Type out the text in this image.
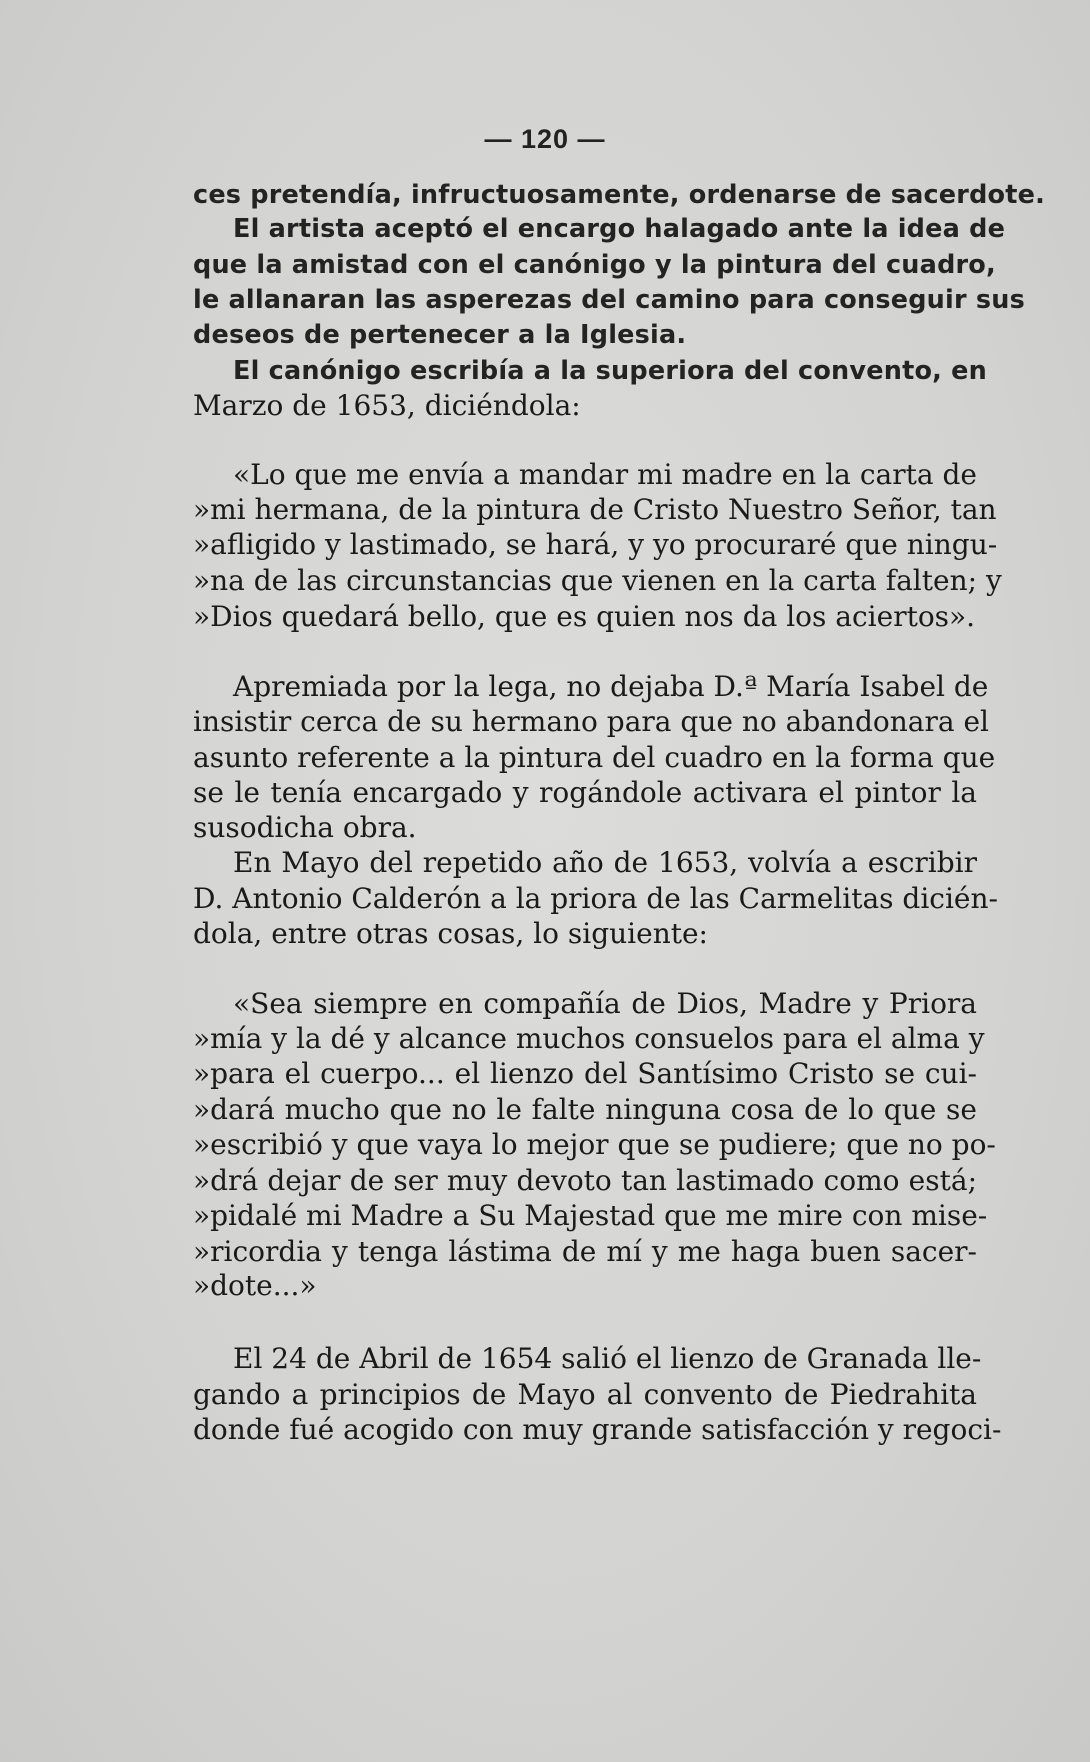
— 120 —
ces pretendía, infructuosamente, ordenarse de sacerdote.
El artista aceptó el encargo halagado ante la idea de
que la amistad con el canónigo y la pintura del cuadro,
le allanaran las asperezas del camino para conseguir sus
deseos de pertenecer a la Iglesia.
El canónigo escribía a la superiora del convento, en
Marzo de 1653, diciéndola:
«Lo que me envía a mandar mi madre en la carta de
»mi hermana, de la pintura de Cristo Nuestro Señor, tan
»afligido y lastimado, se hará, y yo procuraré que ningu-
»na de las circunstancias que vienen en la carta falten; y
»Dios quedará bello, que es quien nos da los aciertos».
Apremiada por la lega, no dejaba D.ª María Isabel de
insistir cerca de su hermano para que no abandonara el
asunto referente a la pintura del cuadro en la forma que
se le tenía encargado y rogándole activara el pintor la
susodicha obra.
En Mayo del repetido año de 1653, volvía a escribir
D. Antonio Calderón a la priora de las Carmelitas dicién-
dola, entre otras cosas, lo siguiente:
«Sea siempre en compañía de Dios, Madre y Priora
»mía y la dé y alcance muchos consuelos para el alma y
»para el cuerpo... el lienzo del Santísimo Cristo se cui-
»dará mucho que no le falte ninguna cosa de lo que se
»escribió y que vaya lo mejor que se pudiere; que no po-
»drá dejar de ser muy devoto tan lastimado como está;
»pidalé mi Madre a Su Majestad que me mire con mise-
»ricordia y tenga lástima de mí y me haga buen sacer-
»dote...»
El 24 de Abril de 1654 salió el lienzo de Granada lle-
gando a principios de Mayo al convento de Piedrahita
donde fué acogido con muy grande satisfacción y regoci-
